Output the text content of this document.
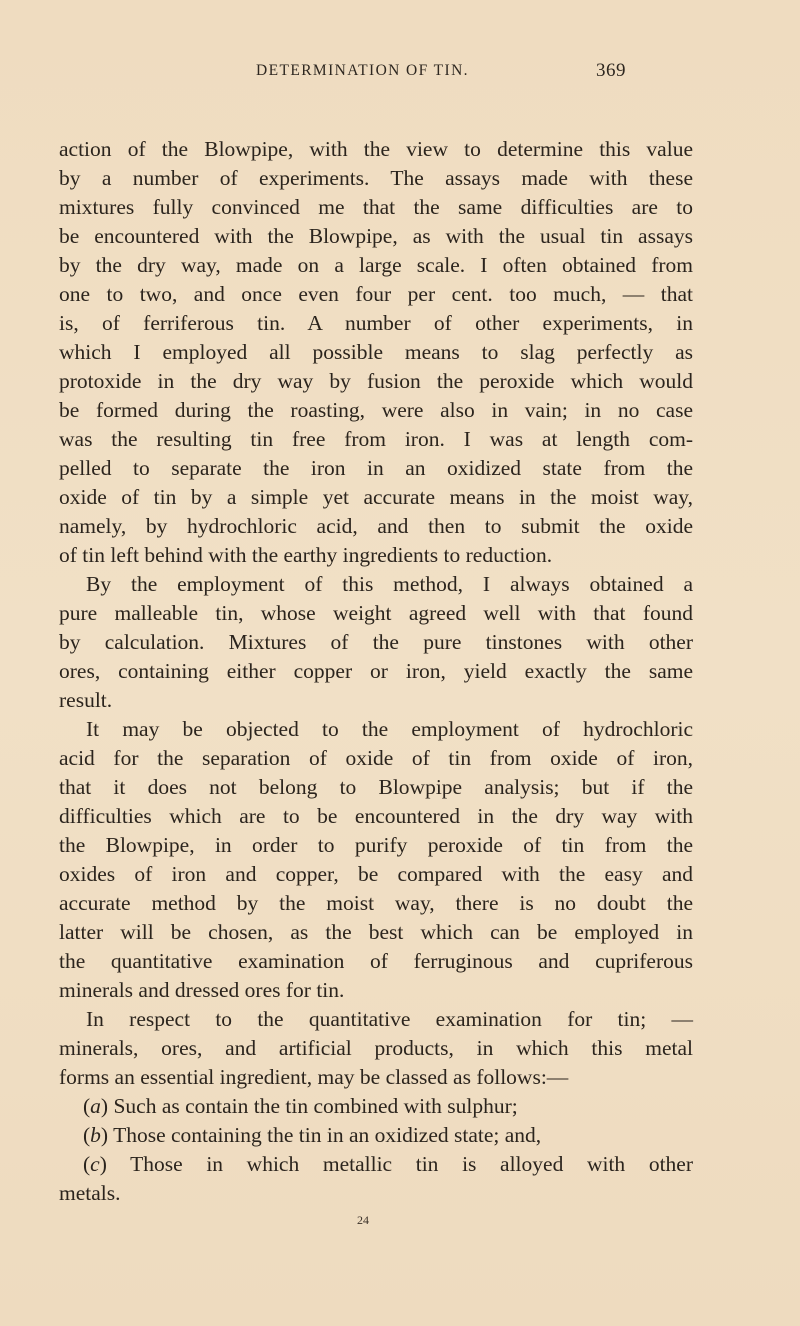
DETERMINATION OF TIN.	369
action of the Blowpipe, with the view to determine this value
by a number of experiments. The assays made with these
mixtures fully convinced me that the same difficulties are to
be encountered with the Blowpipe, as with the usual tin assays
by the dry way, made on a large scale. I often obtained from
one to two, and once even four per cent. too much, — that
is, of ferriferous tin. A number of other experiments, in
which I employed all possible means to slag perfectly as
protoxide in the dry way by fusion the peroxide which would
be formed during the roasting, were also in vain; in no case
was the resulting tin free from iron. I was at length com-
pelled to separate the iron in an oxidized state from the
oxide of tin by a simple yet accurate means in the moist way,
namely, by hydrochloric acid, and then to submit the oxide
of tin left behind with the earthy ingredients to reduction.
By the employment of this method, I always obtained a
pure malleable tin, whose weight agreed well with that found
by calculation. Mixtures of the pure tinstones with other
ores, containing either copper or iron, yield exactly the same
result.
It may be objected to the employment of hydrochloric
acid for the separation of oxide of tin from oxide of iron,
that it does not belong to Blowpipe analysis; but if the
difficulties which are to be encountered in the dry way with
the Blowpipe, in order to purify peroxide of tin from the
oxides of iron and copper, be compared with the easy and
accurate method by the moist way, there is no doubt the
latter will be chosen, as the best which can be employed in
the quantitative examination of ferruginous and cupriferous
minerals and dressed ores for tin.
In respect to the quantitative examination for tin; —
minerals, ores, and artificial products, in which this metal
forms an essential ingredient, may be classed as follows:—
(a) Such as contain the tin combined with sulphur;
(b) Those containing the tin in an oxidized state; and,
(c) Those in which metallic tin is alloyed with other
metals.
24
